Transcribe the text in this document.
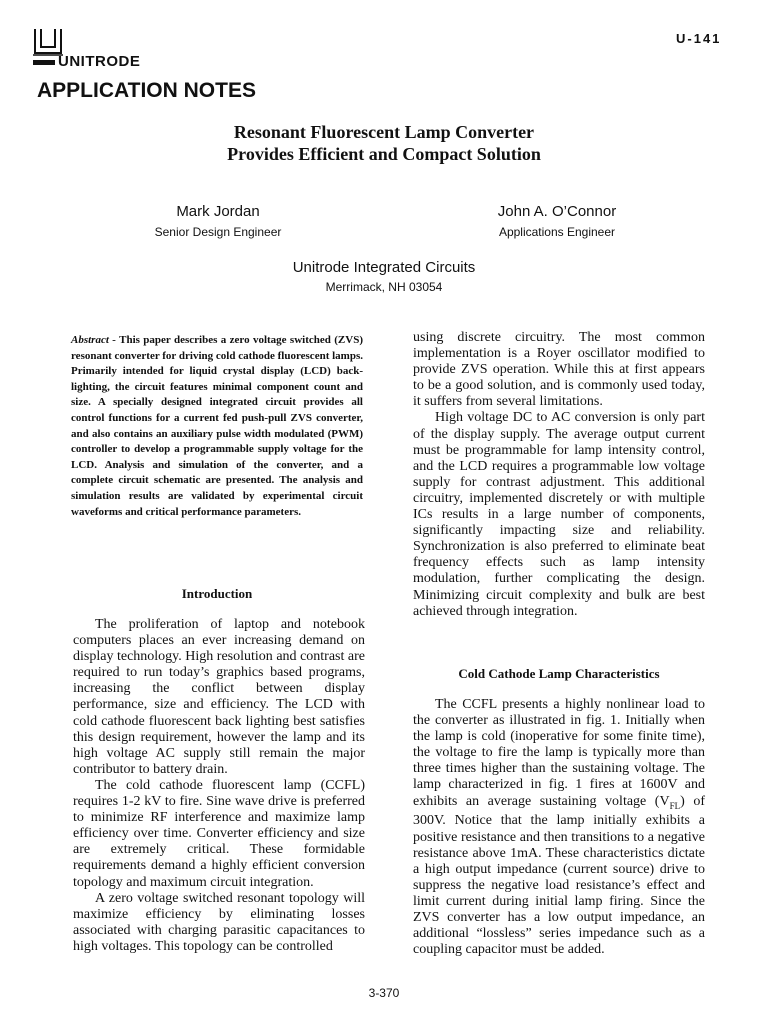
UNITRODE
U-141
APPLICATION NOTES
Resonant Fluorescent Lamp Converter
Provides Efficient and Compact Solution
Mark Jordan
Senior Design Engineer
John A. O’Connor
Applications Engineer
Unitrode Integrated Circuits
Merrimack, NH 03054
Abstract - This paper describes a zero voltage switched (ZVS) resonant converter for driving cold cathode fluorescent lamps. Primarily intended for liquid crystal display (LCD) back-lighting, the circuit features minimal component count and size. A specially designed integrated circuit provides all control functions for a current fed push-pull ZVS converter, and also contains an auxiliary pulse width modulated (PWM) controller to develop a programmable supply voltage for the LCD. Analysis and simulation of the converter, and a complete circuit schematic are presented. The analysis and simulation results are validated by experimental circuit waveforms and critical performance parameters.
Introduction

The proliferation of laptop and notebook computers places an ever increasing demand on display technology. High resolution and contrast are required to run today’s graphics based programs, increasing the conflict between display performance, size and efficiency. The LCD with cold cathode fluorescent back lighting best satisfies this design requirement, however the lamp and its high voltage AC supply still remain the major contributor to battery drain.

The cold cathode fluorescent lamp (CCFL) requires 1-2 kV to fire. Sine wave drive is preferred to minimize RF interference and maximize lamp efficiency over time. Converter efficiency and size are extremely critical. These formidable requirements demand a highly efficient conversion topology and maximum circuit integration.

A zero voltage switched resonant topology will maximize efficiency by eliminating losses associated with charging parasitic capacitances to high voltages. This topology can be controlled

using discrete circuitry. The most common implementation is a Royer oscillator modified to provide ZVS operation. While this at first appears to be a good solution, and is commonly used today, it suffers from several limitations.

High voltage DC to AC conversion is only part of the display supply. The average output current must be programmable for lamp intensity control, and the LCD requires a programmable low voltage supply for contrast adjustment. This additional circuitry, implemented discretely or with multiple ICs results in a large number of components, significantly impacting size and reliability. Synchronization is also preferred to eliminate beat frequency effects such as lamp intensity modulation, further complicating the design. Minimizing circuit complexity and bulk are best achieved through integration.

Cold Cathode Lamp Characteristics

The CCFL presents a highly nonlinear load to the converter as illustrated in fig. 1. Initially when the lamp is cold (inoperative for some finite time), the voltage to fire the lamp is typically more than three times higher than the sustaining voltage. The lamp characterized in fig. 1 fires at 1600V and exhibits an average sustaining voltage $(V_{FL})$ of 300V. Notice that the lamp initially exhibits a positive resistance and then transitions to a negative resistance above 1mA. These characteristics dictate a high output impedance (current source) drive to suppress the negative load resistance’s effect and limit current during initial lamp firing. Since the ZVS converter has a low output impedance, an additional “lossless” series impedance such as a coupling capacitor must be added.

3-370
